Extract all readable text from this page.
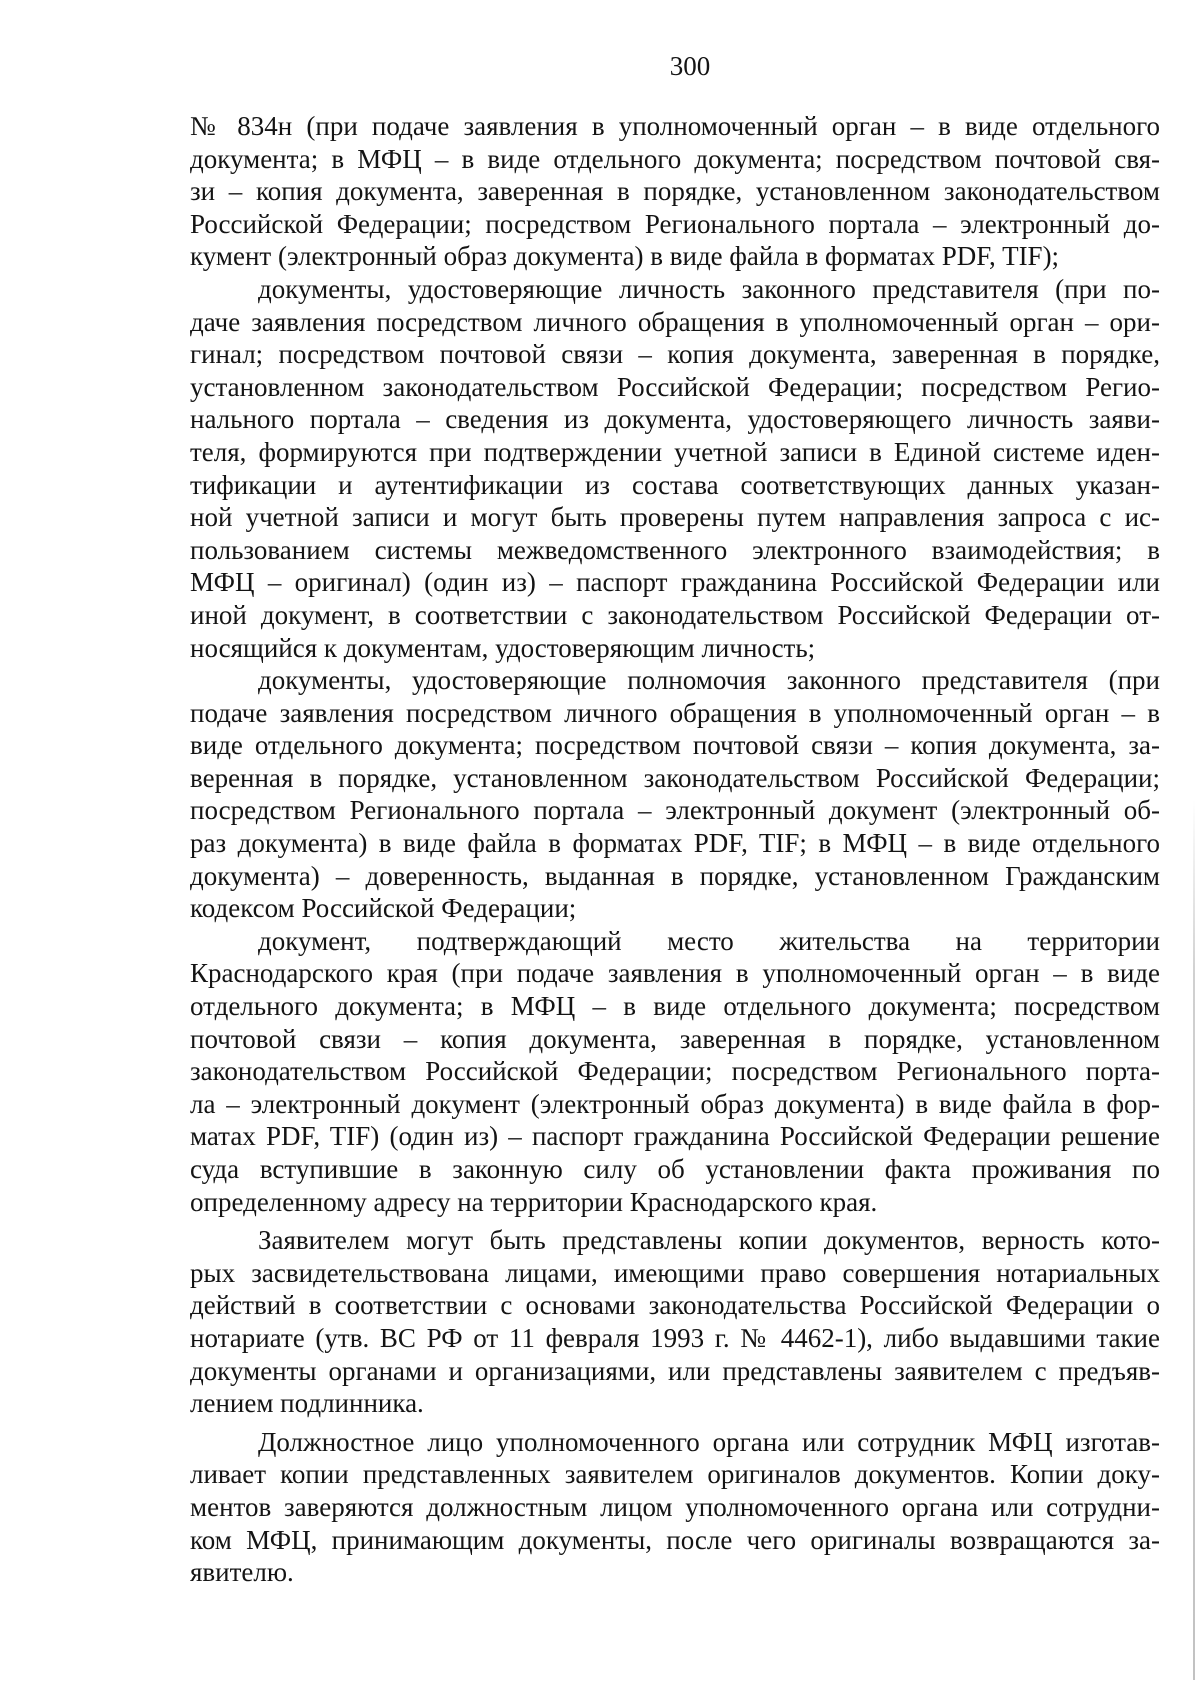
300
№ 834н (при подаче заявления в уполномоченный орган – в виде отдельного
документа; в МФЦ – в виде отдельного документа; посредством почтовой свя-
зи – копия документа, заверенная в порядке, установленном законодательством
Российской Федерации; посредством Регионального портала – электронный до-
кумент (электронный образ документа) в виде файла в форматах PDF, TIF);
документы, удостоверяющие личность законного представителя (при по-
даче заявления посредством личного обращения в уполномоченный орган – ори-
гинал; посредством почтовой связи – копия документа, заверенная в порядке,
установленном законодательством Российской Федерации; посредством Регио-
нального портала – сведения из документа, удостоверяющего личность заяви-
теля, формируются при подтверждении учетной записи в Единой системе иден-
тификации и аутентификации из состава соответствующих данных указан-
ной учетной записи и могут быть проверены путем направления запроса с ис-
пользованием системы межведомственного электронного взаимодействия; в
МФЦ – оригинал) (один из) – паспорт гражданина Российской Федерации или
иной документ, в соответствии с законодательством Российской Федерации от-
носящийся к документам, удостоверяющим личность;
документы, удостоверяющие полномочия законного представителя (при
подаче заявления посредством личного обращения в уполномоченный орган – в
виде отдельного документа; посредством почтовой связи – копия документа, за-
веренная в порядке, установленном законодательством Российской Федерации;
посредством Регионального портала – электронный документ (электронный об-
раз документа) в виде файла в форматах PDF, TIF; в МФЦ – в виде отдельного
документа) – доверенность, выданная в порядке, установленном Гражданским
кодексом Российской Федерации;
документ, подтверждающий место жительства на территории
Краснодарского края (при подаче заявления в уполномоченный орган – в виде
отдельного документа; в МФЦ – в виде отдельного документа; посредством
почтовой связи – копия документа, заверенная в порядке, установленном
законодательством Российской Федерации; посредством Регионального порта-
ла – электронный документ (электронный образ документа) в виде файла в фор-
матах PDF, TIF) (один из) – паспорт гражданина Российской Федерации решение
суда вступившие в законную силу об установлении факта проживания по
определенному адресу на территории Краснодарского края.
Заявителем могут быть представлены копии документов, верность кото-
рых засвидетельствована лицами, имеющими право совершения нотариальных
действий в соответствии с основами законодательства Российской Федерации о
нотариате (утв. ВС РФ от 11 февраля 1993 г. № 4462-1), либо выдавшими такие
документы органами и организациями, или представлены заявителем с предъяв-
лением подлинника.
Должностное лицо уполномоченного органа или сотрудник МФЦ изготав-
ливает копии представленных заявителем оригиналов документов. Копии доку-
ментов заверяются должностным лицом уполномоченного органа или сотрудни-
ком МФЦ, принимающим документы, после чего оригиналы возвращаются за-
явителю.
